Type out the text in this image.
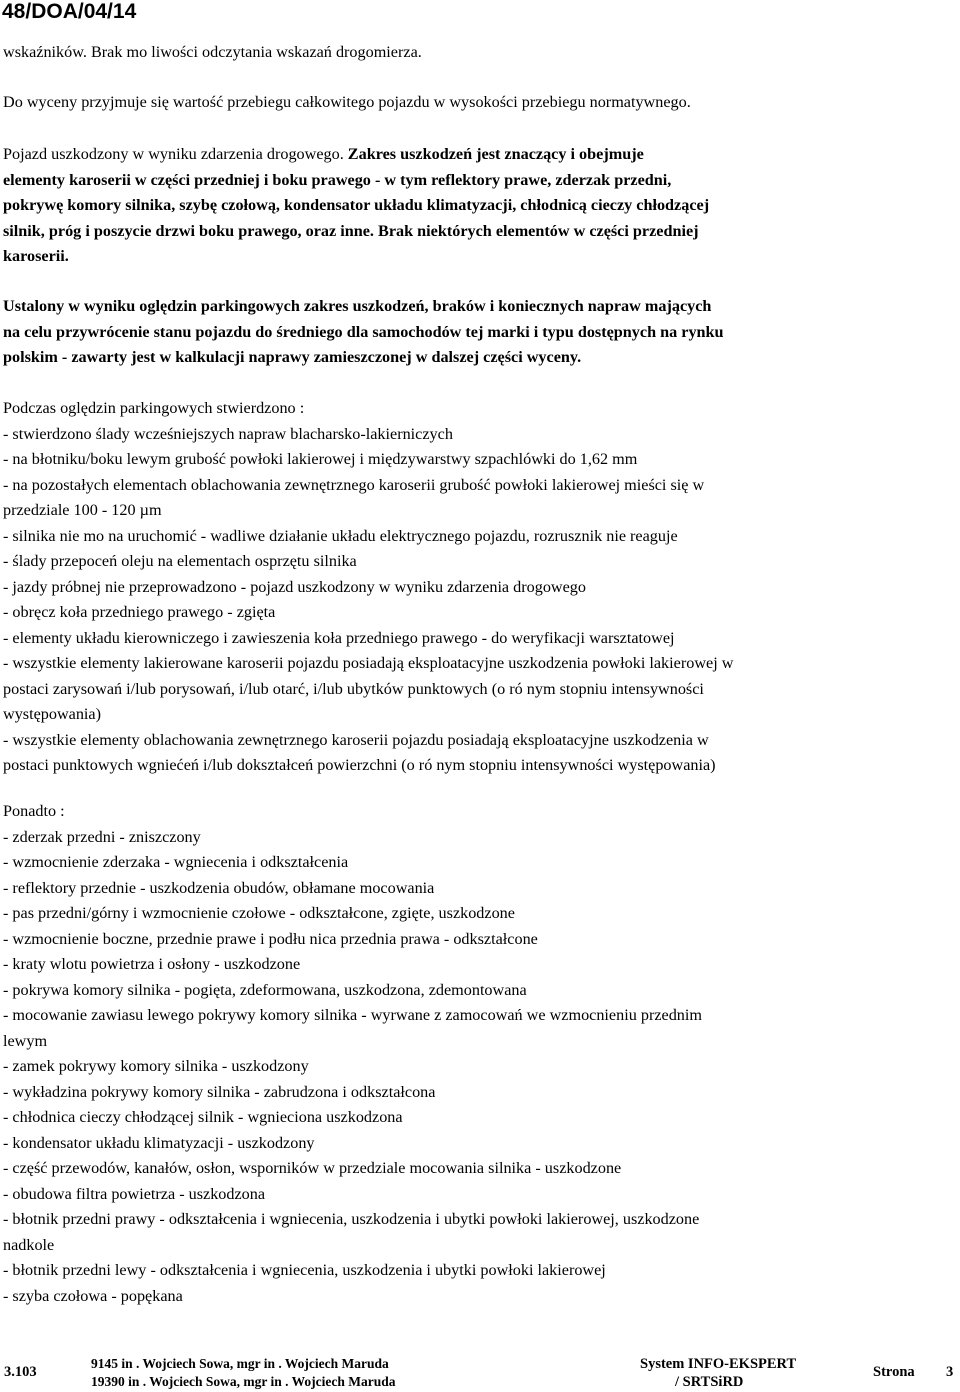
48/DOA/04/14

wskaźników. Brak mo liwości odczytania wskazań drogomierza.

Do wyceny przyjmuje się wartość przebiegu całkowitego pojazdu w wysokości przebiegu normatywnego.

Pojazd uszkodzony w wyniku zdarzenia drogowego. Zakres uszkodzeń jest znaczący i obejmuje
elementy karoserii w części przedniej i boku prawego - w tym reflektory prawe, zderzak przedni,
pokrywę komory silnika, szybę czołową, kondensator układu klimatyzacji, chłodnicą cieczy chłodzącej
silnik, próg i poszycie drzwi boku prawego, oraz inne. Brak niektórych elementów w części przedniej
karoserii.
Ustalony w wyniku oględzin parkingowych zakres uszkodzeń, braków i koniecznych napraw mających
na celu przywrócenie stanu pojazdu do średniego dla samochodów tej marki i typu dostępnych na rynku
polskim - zawarty jest w kalkulacji naprawy zamieszczonej w dalszej części wyceny.
Podczas oględzin parkingowych stwierdzono :
- stwierdzono ślady wcześniejszych napraw blacharsko-lakierniczych
- na błotniku/boku lewym grubość powłoki lakierowej i międzywarstwy szpachlówki do 1,62 mm
- na pozostałych elementach oblachowania zewnętrznego karoserii grubość powłoki lakierowej mieści się w
przedziale 100 - 120 µm
- silnika nie mo na uruchomić - wadliwe działanie układu elektrycznego pojazdu, rozrusznik nie reaguje
- ślady przepoceń oleju na elementach osprzętu silnika
- jazdy próbnej nie przeprowadzono - pojazd uszkodzony w wyniku zdarzenia drogowego
- obręcz koła przedniego prawego - zgięta
- elementy układu kierowniczego i zawieszenia koła przedniego prawego - do weryfikacji warsztatowej
- wszystkie elementy lakierowane karoserii pojazdu posiadają eksploatacyjne uszkodzenia powłoki lakierowej w
postaci zarysowań i/lub porysowań, i/lub otarć, i/lub ubytków punktowych (o ró nym stopniu intensywności
występowania)
- wszystkie elementy oblachowania zewnętrznego karoserii pojazdu posiadają eksploatacyjne uszkodzenia w
postaci punktowych wgniećeń i/lub dokształceń powierzchni (o ró nym stopniu intensywności występowania)
Ponadto :
- zderzak przedni - zniszczony
- wzmocnienie zderzaka - wgniecenia i odkształcenia
- reflektory przednie - uszkodzenia obudów, obłamane mocowania
- pas przedni/górny i wzmocnienie czołowe - odkształcone, zgięte, uszkodzone
- wzmocnienie boczne, przednie prawe i podłu nica przednia prawa - odkształcone
- kraty wlotu powietrza i osłony - uszkodzone
- pokrywa komory silnika - pogięta, zdeformowana, uszkodzona, zdemontowana
- mocowanie zawiasu lewego pokrywy komory silnika - wyrwane z zamocowań we wzmocnieniu przednim
lewym
- zamek pokrywy komory silnika - uszkodzony
- wykładzina pokrywy komory silnika - zabrudzona i odkształcona
- chłodnica cieczy chłodzącej silnik - wgnieciona uszkodzona
- kondensator układu klimatyzacji - uszkodzony
- część przewodów, kanałów, osłon, wsporników w przedziale mocowania silnika - uszkodzone
- obudowa filtra powietrza - uszkodzona
- błotnik przedni prawy - odkształcenia i wgniecenia, uszkodzenia i ubytki powłoki lakierowej, uszkodzone
nadkole
- błotnik przedni lewy - odkształcenia i wgniecenia, uszkodzenia i ubytki powłoki lakierowej
- szyba czołowa - popękana
3.103
9145 in . Wojciech Sowa, mgr in . Wojciech Maruda
19390 in . Wojciech Sowa, mgr in . Wojciech Maruda
System INFO-EKSPERT
/ SRTSiRD
Strona 3
